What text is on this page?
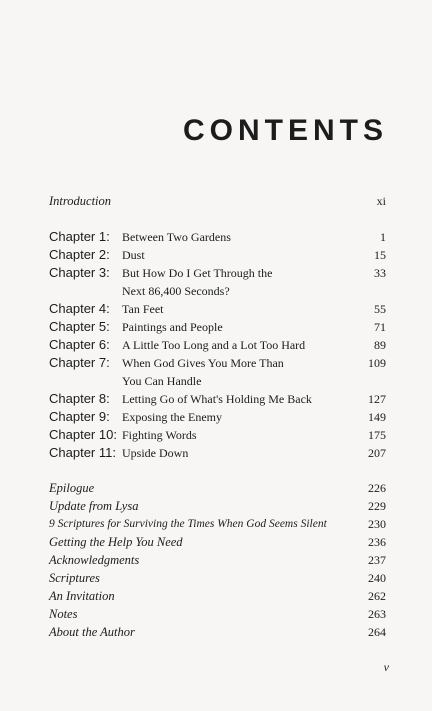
CONTENTS
Introduction	xi
Chapter 1: Between Two Gardens	1
Chapter 2: Dust	15
Chapter 3: But How Do I Get Through the	33
Next 86,400 Seconds?
Chapter 4: Tan Feet	55
Chapter 5: Paintings and People	71
Chapter 6: A Little Too Long and a Lot Too Hard	89
Chapter 7: When God Gives You More Than	109
You Can Handle
Chapter 8: Letting Go of What's Holding Me Back	127
Chapter 9: Exposing the Enemy	149
Chapter 10: Fighting Words	175
Chapter 11: Upside Down	207
Epilogue	226
Update from Lysa	229
9 Scriptures for Surviving the Times When God Seems Silent	230
Getting the Help You Need	236
Acknowledgments	237
Scriptures	240
An Invitation	262
Notes	263
About the Author	264
v
